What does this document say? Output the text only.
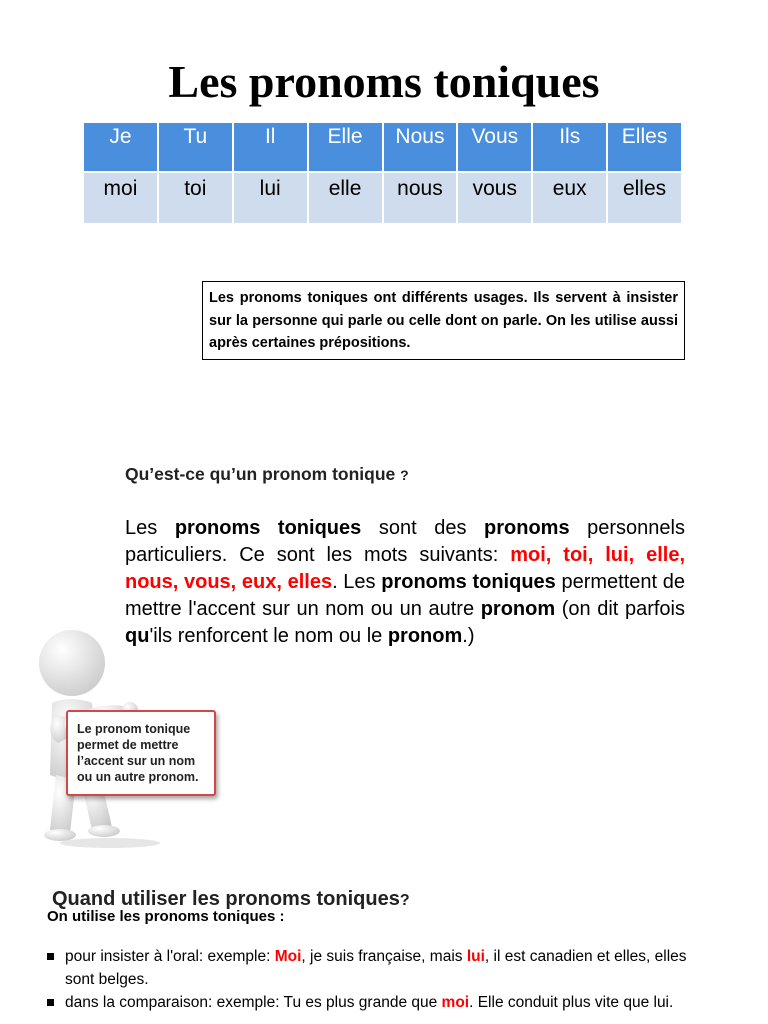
Les pronoms toniques
Je	Tu	Il	Elle	Nous	Vous	Ils	Elles
moi	toi	lui	elle	nous	vous	eux	elles
Les pronoms toniques ont différents usages. Ils servent à insister sur la personne qui parle ou celle dont on parle. On les utilise aussi après certaines prépositions.
Qu’est-ce qu’un pronom tonique ?
Les pronoms toniques sont des pronoms personnels particuliers. Ce sont les mots suivants: moi, toi, lui, elle, nous, vous, eux, elles. Les pronoms toniques permettent de mettre l'accent sur un nom ou un autre pronom (on dit parfois qu'ils renforcent le nom ou le pronom.)
Le pronom tonique permet de mettre l’accent sur un nom ou un autre pronom.
Quand utiliser les pronoms toniques?
On utilise les pronoms toniques :
pour insister à l'oral: exemple: Moi, je suis française, mais lui, il est canadien et elles, elles sont belges.
dans la comparaison: exemple: Tu es plus grande que moi. Elle conduit plus vite que lui.
